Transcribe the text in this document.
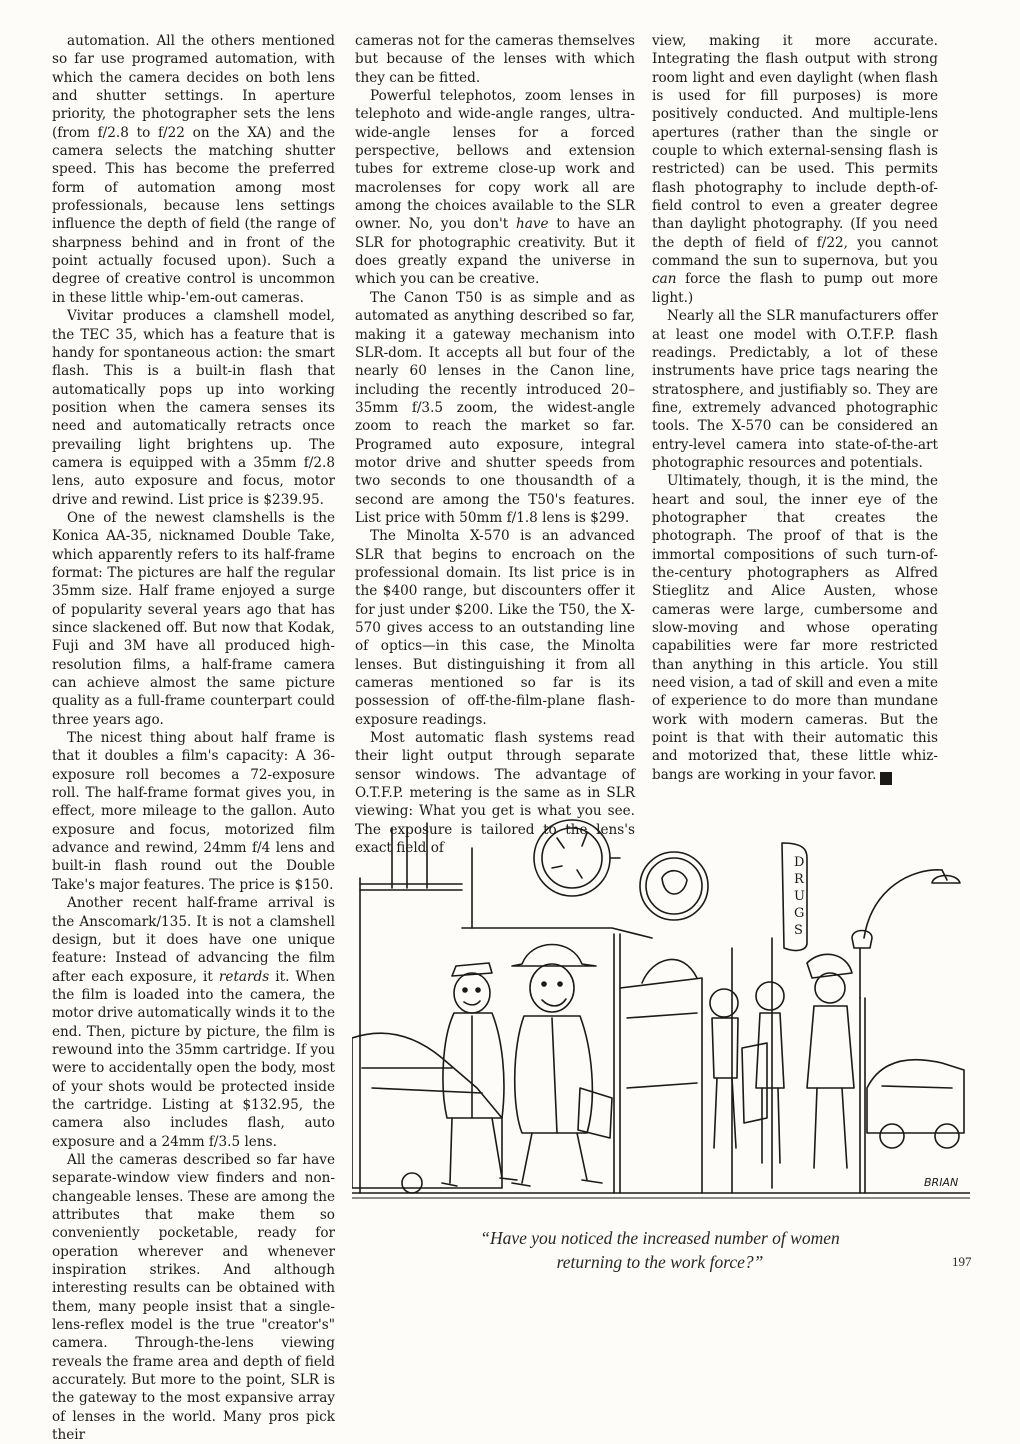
automation. All the others mentioned so far use programed automation, with which the camera decides on both lens and shutter settings. In aperture priority, the photographer sets the lens (from f/2.8 to f/22 on the XA) and the camera selects the matching shutter speed. This has become the preferred form of automation among most professionals, because lens settings influence the depth of field (the range of sharpness behind and in front of the point actually focused upon). Such a degree of creative control is uncommon in these little whip-'em-out cameras.

Vivitar produces a clamshell model, the TEC 35, which has a feature that is handy for spontaneous action: the smart flash. This is a built-in flash that automatically pops up into working position when the camera senses its need and automatically retracts once prevailing light brightens up. The camera is equipped with a 35mm f/2.8 lens, auto exposure and focus, motor drive and rewind. List price is $239.95.

One of the newest clamshells is the Konica AA-35, nicknamed Double Take, which apparently refers to its half-frame format: The pictures are half the regular 35mm size. Half frame enjoyed a surge of popularity several years ago that has since slackened off. But now that Kodak, Fuji and 3M have all produced high-resolution films, a half-frame camera can achieve almost the same picture quality as a full-frame counterpart could three years ago.

The nicest thing about half frame is that it doubles a film's capacity: A 36-exposure roll becomes a 72-exposure roll. The half-frame format gives you, in effect, more mileage to the gallon. Auto exposure and focus, motorized film advance and rewind, 24mm f/4 lens and built-in flash round out the Double Take's major features. The price is $150.

Another recent half-frame arrival is the Anscomark/135. It is not a clamshell design, but it does have one unique feature: Instead of advancing the film after each exposure, it retards it. When the film is loaded into the camera, the motor drive automatically winds it to the end. Then, picture by picture, the film is rewound into the 35mm cartridge. If you were to accidentally open the body, most of your shots would be protected inside the cartridge. Listing at $132.95, the camera also includes flash, auto exposure and a 24mm f/3.5 lens.

All the cameras described so far have separate-window view finders and non-changeable lenses. These are among the attributes that make them so conveniently pocketable, ready for operation wherever and whenever inspiration strikes. And although interesting results can be obtained with them, many people insist that a single-lens-reflex model is the true "creator's" camera. Through-the-lens viewing reveals the frame area and depth of field accurately. But more to the point, SLR is the gateway to the most expansive array of lenses in the world. Many pros pick their

cameras not for the cameras themselves but because of the lenses with which they can be fitted.

Powerful telephotos, zoom lenses in telephoto and wide-angle ranges, ultra-wide-angle lenses for a forced perspective, bellows and extension tubes for extreme close-up work and macrolenses for copy work all are among the choices available to the SLR owner. No, you don't have to have an SLR for photographic creativity. But it does greatly expand the universe in which you can be creative.

The Canon T50 is as simple and as automated as anything described so far, making it a gateway mechanism into SLR-dom. It accepts all but four of the nearly 60 lenses in the Canon line, including the recently introduced 20–35mm f/3.5 zoom, the widest-angle zoom to reach the market so far. Programed auto exposure, integral motor drive and shutter speeds from two seconds to one thousandth of a second are among the T50's features. List price with 50mm f/1.8 lens is $299.

The Minolta X-570 is an advanced SLR that begins to encroach on the professional domain. Its list price is in the $400 range, but discounters offer it for just under $200. Like the T50, the X-570 gives access to an outstanding line of optics—in this case, the Minolta lenses. But distinguishing it from all cameras mentioned so far is its possession of off-the-film-plane flash-exposure readings.

Most automatic flash systems read their light output through separate sensor windows. The advantage of O.T.F.P. metering is the same as in SLR viewing: What you get is what you see. The exposure is tailored to the lens's exact field of

view, making it more accurate. Integrating the flash output with strong room light and even daylight (when flash is used for fill purposes) is more positively conducted. And multiple-lens apertures (rather than the single or couple to which external-sensing flash is restricted) can be used. This permits flash photography to include depth-of-field control to even a greater degree than daylight photography. (If you need the depth of field of f/22, you cannot command the sun to supernova, but you can force the flash to pump out more light.)

Nearly all the SLR manufacturers offer at least one model with O.T.F.P. flash readings. Predictably, a lot of these instruments have price tags nearing the stratosphere, and justifiably so. They are fine, extremely advanced photographic tools. The X-570 can be considered an entry-level camera into state-of-the-art photographic resources and potentials.

Ultimately, though, it is the mind, the heart and soul, the inner eye of the photographer that creates the photograph. The proof of that is the immortal compositions of such turn-of-the-century photographers as Alfred Stieglitz and Alice Austen, whose cameras were large, cumbersome and slow-moving and whose operating capabilities were far more restricted than anything in this article. You still need vision, a tad of skill and even a mite of experience to do more than mundane work with modern cameras. But the point is that with their automatic this and motorized that, these little whiz-bangs are working in your favor. ♦

D R U G S
BRIAN
“Have you noticed the increased number of women
returning to the work force?”	197
